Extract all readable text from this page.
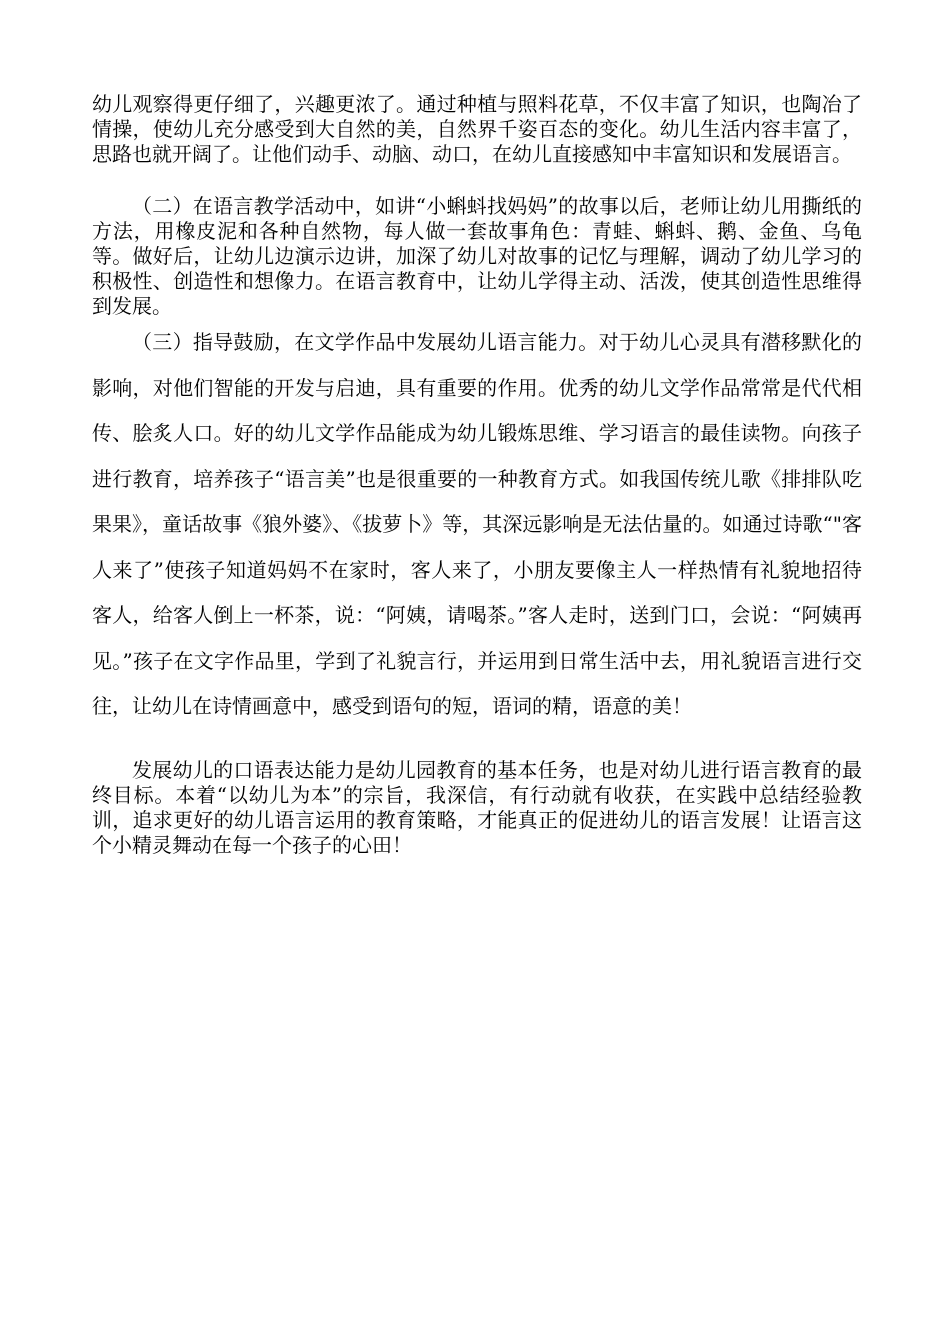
幼儿观察得更仔细了，兴趣更浓了。通过种植与照料花草，不仅丰富了知识，也陶冶了情操，使幼儿充分感受到大自然的美，自然界千姿百态的变化。幼儿生活内容丰富了，思路也就开阔了。让他们动手、动脑、动口，在幼儿直接感知中丰富知识和发展语言。

（二）在语言教学活动中，如讲“小蝌蚪找妈妈”的故事以后，老师让幼儿用撕纸的方法，用橡皮泥和各种自然物，每人做一套故事角色：青蛙、蝌蚪、鹅、金鱼、乌龟等。做好后，让幼儿边演示边讲，加深了幼儿对故事的记忆与理解，调动了幼儿学习的积极性、创造性和想像力。在语言教育中，让幼儿学得主动、活泼，使其创造性思维得到发展。

（三）指导鼓励，在文学作品中发展幼儿语言能力。对于幼儿心灵具有潜移默化的影响，对他们智能的开发与启迪，具有重要的作用。优秀的幼儿文学作品常常是代代相传、脍炙人口。好的幼儿文学作品能成为幼儿锻炼思维、学习语言的最佳读物。向孩子进行教育，培养孩子“语言美”也是很重要的一种教育方式。如我国传统儿歌《排排队吃果果》，童话故事《狼外婆》、《拔萝卜》等，其深远影响是无法估量的。如通过诗歌“"客人来了”使孩子知道妈妈不在家时，客人来了，小朋友要像主人一样热情有礼貌地招待客人，给客人倒上一杯茶，说：“阿姨，请喝茶。”客人走时，送到门口，会说：“阿姨再见。”孩子在文字作品里，学到了礼貌言行，并运用到日常生活中去，用礼貌语言进行交往，让幼儿在诗情画意中，感受到语句的短，语词的精，语意的美！

发展幼儿的口语表达能力是幼儿园教育的基本任务，也是对幼儿进行语言教育的最终目标。本着“以幼儿为本”的宗旨，我深信，有行动就有收获，在实践中总结经验教训，追求更好的幼儿语言运用的教育策略，才能真正的促进幼儿的语言发展！让语言这个小精灵舞动在每一个孩子的心田！
